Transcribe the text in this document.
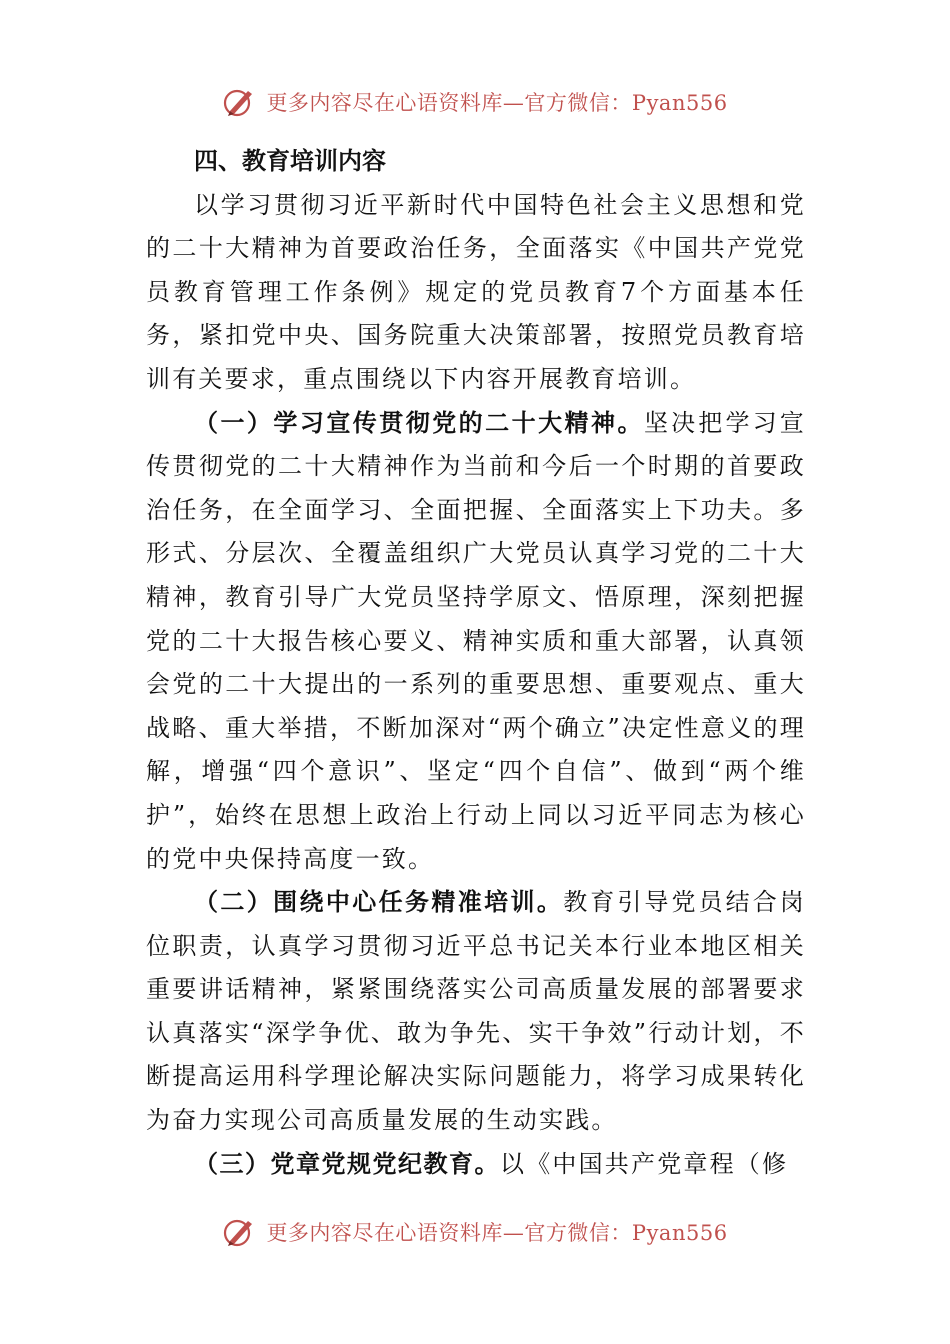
更多内容尽在心语资料库—官方微信：Pyan556

四、教育培训内容

以学习贯彻习近平新时代中国特色社会主义思想和党的二十大精神为首要政治任务，全面落实《中国共产党党员教育管理工作条例》规定的党员教育7个方面基本任务，紧扣党中央、国务院重大决策部署，按照党员教育培训有关要求，重点围绕以下内容开展教育培训。

（一）学习宣传贯彻党的二十大精神。坚决把学习宣传贯彻党的二十大精神作为当前和今后一个时期的首要政治任务，在全面学习、全面把握、全面落实上下功夫。多形式、分层次、全覆盖组织广大党员认真学习党的二十大精神，教育引导广大党员坚持学原文、悟原理，深刻把握党的二十大报告核心要义、精神实质和重大部署，认真领会党的二十大提出的一系列的重要思想、重要观点、重大战略、重大举措，不断加深对“两个确立”决定性意义的理解，增强“四个意识”、坚定“四个自信”、做到“两个维护”，始终在思想上政治上行动上同以习近平同志为核心的党中央保持高度一致。

（二）围绕中心任务精准培训。教育引导党员结合岗位职责，认真学习贯彻习近平总书记关本行业本地区相关重要讲话精神，紧紧围绕落实公司高质量发展的部署要求认真落实“深学争优、敢为争先、实干争效”行动计划，不断提高运用科学理论解决实际问题能力，将学习成果转化为奋力实现公司高质量发展的生动实践。

（三）党章党规党纪教育。以《中国共产党章程（修

更多内容尽在心语资料库—官方微信：Pyan556
